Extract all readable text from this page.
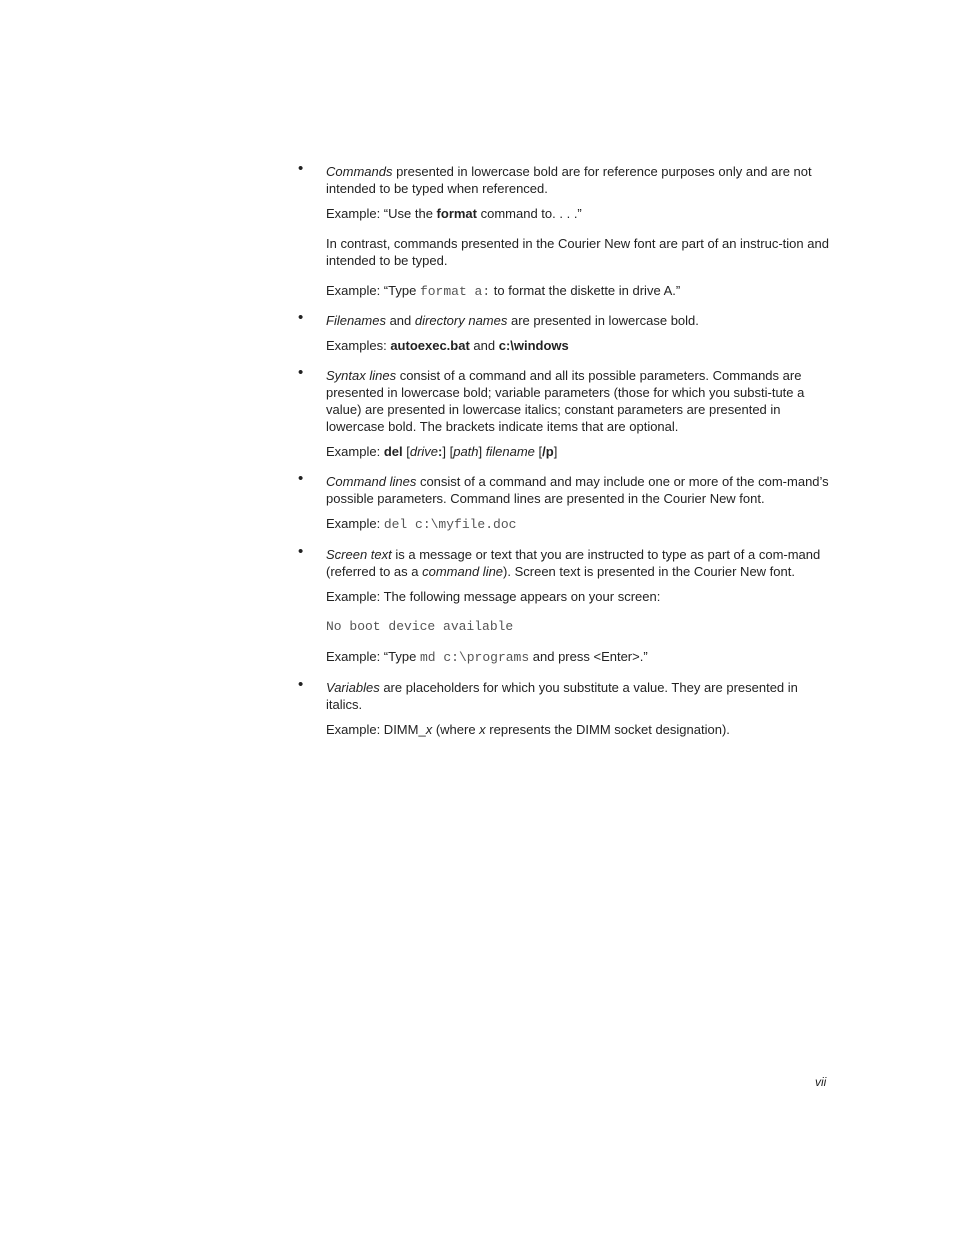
• Commands presented in lowercase bold are for reference purposes only and are not intended to be typed when referenced.

Example: “Use the format command to. . . .”

In contrast, commands presented in the Courier New font are part of an instruc-tion and intended to be typed.

Example: “Type format a: to format the diskette in drive A.”

• Filenames and directory names are presented in lowercase bold.

Examples: autoexec.bat and c:\windows

• Syntax lines consist of a command and all its possible parameters. Commands are presented in lowercase bold; variable parameters (those for which you substi-tute a value) are presented in lowercase italics; constant parameters are presented in lowercase bold. The brackets indicate items that are optional.

Example: del [drive:] [path] filename [/p]

• Command lines consist of a command and may include one or more of the com-mand’s possible parameters. Command lines are presented in the Courier New font.

Example: del c:\myfile.doc

• Screen text is a message or text that you are instructed to type as part of a com-mand (referred to as a command line). Screen text is presented in the Courier New font.

Example: The following message appears on your screen:

No boot device available

Example: “Type md c:\programs and press <Enter>.”

• Variables are placeholders for which you substitute a value. They are presented in italics.

Example: DIMM_x (where x represents the DIMM socket designation).

vii
